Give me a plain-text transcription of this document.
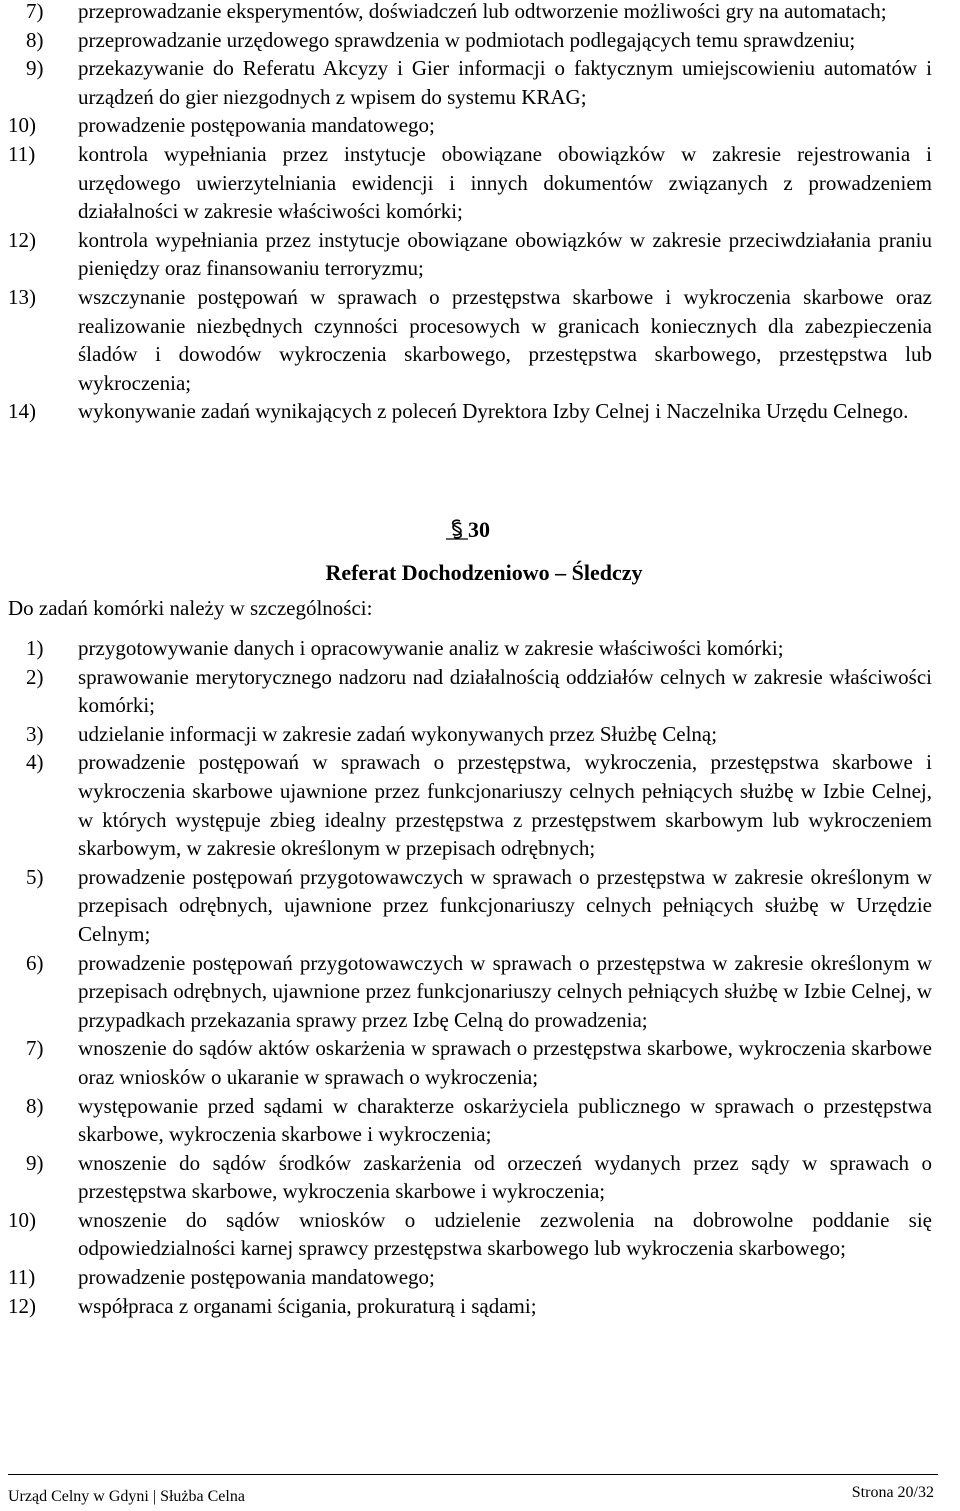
7)	przeprowadzanie eksperymentów, doświadczeń lub odtworzenie możliwości gry na automatach;
8)	przeprowadzanie urzędowego sprawdzenia w podmiotach podlegających temu sprawdzeniu;
9)	przekazywanie do Referatu Akcyzy i Gier informacji o faktycznym umiejscowieniu automatów i urządzeń do gier niezgodnych z wpisem do systemu KRAG;
10)	prowadzenie postępowania mandatowego;
11)	kontrola wypełniania przez instytucje obowiązane obowiązków w zakresie rejestrowania i urzędowego uwierzytelniania ewidencji i innych dokumentów związanych z prowadzeniem działalności w zakresie właściwości komórki;
12)	kontrola wypełniania przez instytucje obowiązane obowiązków w zakresie przeciwdziałania praniu pieniędzy oraz finansowaniu terroryzmu;
13)	wszczynanie postępowań w sprawach o przestępstwa skarbowe i wykroczenia skarbowe oraz realizowanie niezbędnych czynności procesowych w granicach koniecznych dla zabezpieczenia śladów i dowodów wykroczenia skarbowego, przestępstwa skarbowego, przestępstwa lub wykroczenia;
14)	wykonywanie zadań wynikających z poleceń Dyrektora Izby Celnej i Naczelnika Urzędu Celnego.
30
Referat Dochodzeniowo – Śledczy
Do zadań komórki należy w szczególności:
1)	przygotowywanie danych i opracowywanie analiz w zakresie właściwości komórki;
2)	sprawowanie merytorycznego nadzoru nad działalnością oddziałów celnych w zakresie właściwości komórki;
3)	udzielanie informacji w zakresie zadań wykonywanych przez Służbę Celną;
4)	prowadzenie postępowań w sprawach o przestępstwa, wykroczenia, przestępstwa skarbowe i wykroczenia skarbowe ujawnione przez funkcjonariuszy celnych pełniących służbę w Izbie Celnej, w których występuje zbieg idealny przestępstwa z przestępstwem skarbowym lub wykroczeniem skarbowym, w zakresie określonym w przepisach odrębnych;
5)	prowadzenie postępowań przygotowawczych w sprawach o przestępstwa w zakresie określonym w przepisach odrębnych, ujawnione przez funkcjonariuszy celnych pełniących służbę w Urzędzie Celnym;
6)	prowadzenie postępowań przygotowawczych w sprawach o przestępstwa w zakresie określonym w przepisach odrębnych, ujawnione przez funkcjonariuszy celnych pełniących służbę w Izbie Celnej, w przypadkach przekazania sprawy przez Izbę Celną do prowadzenia;
7)	wnoszenie do sądów aktów oskarżenia w sprawach o przestępstwa skarbowe, wykroczenia skarbowe oraz wniosków o ukaranie w sprawach o wykroczenia;
8)	występowanie przed sądami w charakterze oskarżyciela publicznego w sprawach o przestępstwa skarbowe, wykroczenia skarbowe i wykroczenia;
9)	wnoszenie do sądów środków zaskarżenia od orzeczeń wydanych przez sądy w sprawach o przestępstwa skarbowe, wykroczenia skarbowe i wykroczenia;
10)	wnoszenie do sądów wniosków o udzielenie zezwolenia na dobrowolne poddanie się odpowiedzialności karnej sprawcy przestępstwa skarbowego lub wykroczenia skarbowego;
11)	prowadzenie postępowania mandatowego;
12)	współpraca z organami ścigania, prokuraturą i sądami;
Urząd Celny w Gdyni | Służba Celna	Strona 20/32
